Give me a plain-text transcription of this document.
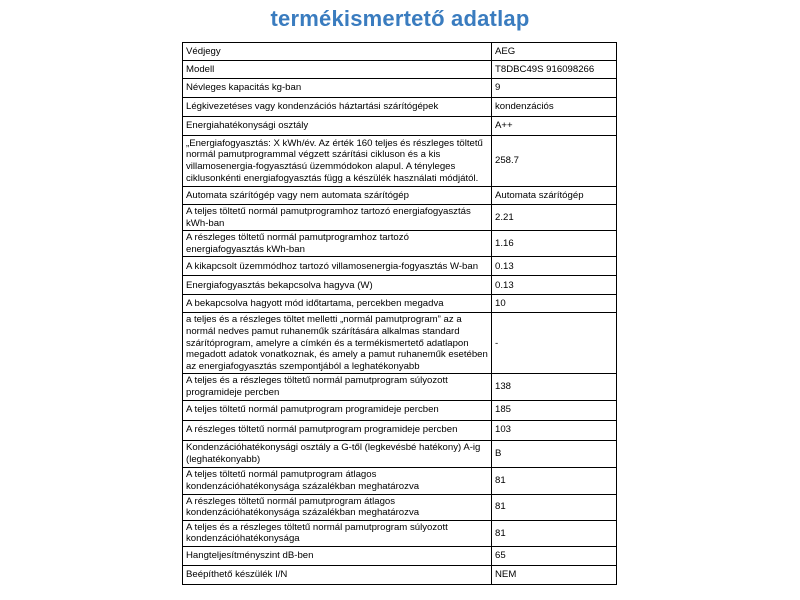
termékismertető adatlap
Védjegy	AEG
Modell	T8DBC49S 916098266
Névleges kapacitás kg-ban	9
Légkivezetéses vagy kondenzációs háztartási szárítógépek	kondenzációs
Energiahatékonysági osztály	A++
„Energiafogyasztás: X kWh/év. Az érték 160 teljes és részleges töltetű normál pamutprogrammal végzett szárítási cikluson és a kis villamosenergia-fogyasztású üzemmódokon alapul. A tényleges ciklusonkénti energiafogyasztás függ a készülék használati módjától.	258.7
Automata szárítógép vagy nem automata szárítógép	Automata szárítógép
A teljes töltetű normál pamutprogramhoz tartozó energiafogyasztás kWh-ban	2.21
A részleges töltetű normál pamutprogramhoz tartozó energiafogyasztás kWh-ban	1.16
A kikapcsolt üzemmódhoz tartozó villamosenergia-fogyasztás W-ban	0.13
Energiafogyasztás bekapcsolva hagyva (W)	0.13
A bekapcsolva hagyott mód időtartama, percekben megadva	10
a teljes és a részleges töltet melletti „normál pamutprogram” az a normál nedves pamut ruhaneműk szárítására alkalmas standard szárítóprogram, amelyre a címkén és a termékismertető adatlapon megadott adatok vonatkoznak, és amely a pamut ruhaneműk esetében az energiafogyasztás szempontjából a leghatékonyabb	-
A teljes és a részleges töltetű normál pamutprogram súlyozott programideje percben	138
A teljes töltetű normál pamutprogram programideje percben	185
A részleges töltetű normál pamutprogram programideje percben	103
Kondenzációhatékonysági osztály a G-től (legkevésbé hatékony) A-ig (leghatékonyabb)	B
A teljes töltetű normál pamutprogram átlagos kondenzációhatékonysága százalékban meghatározva	81
A részleges töltetű normál pamutprogram átlagos kondenzációhatékonysága százalékban meghatározva	81
A teljes és a részleges töltetű normál pamutprogram súlyozott kondenzációhatékonysága	81
Hangteljesítményszint dB-ben	65
Beépíthető készülék I/N	NEM
